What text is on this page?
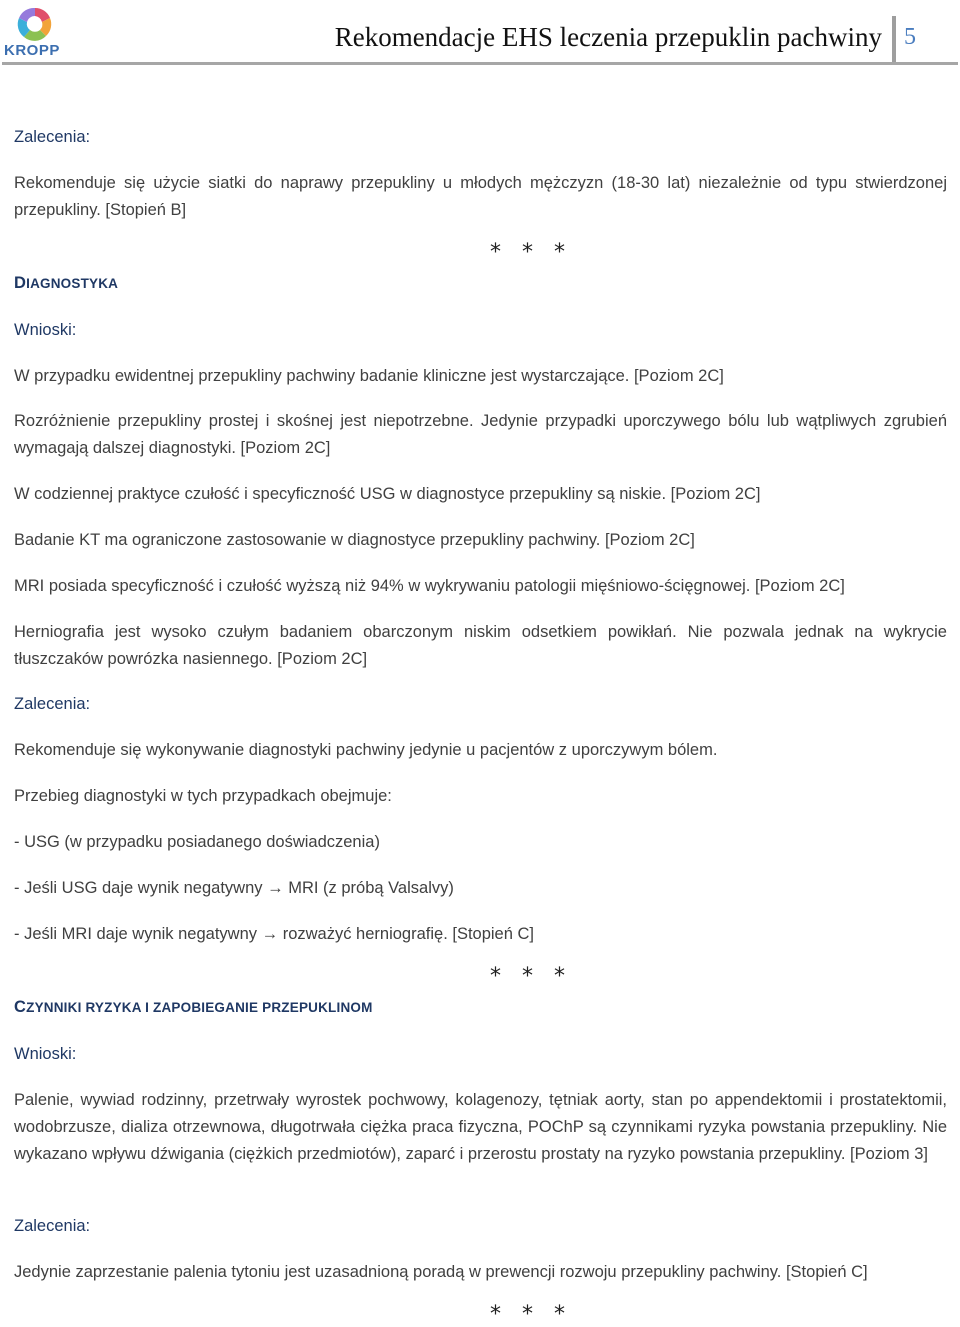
KROPP	Rekomendacje EHS leczenia przepuklin pachwiny 5
Zalecenia:
Rekomenduje się użycie siatki do naprawy przepukliny u młodych mężczyzn (18-30 lat) niezależnie od typu stwierdzonej przepukliny. [Stopień B]
* * *
DIAGNOSTYKA
Wnioski:
W przypadku ewidentnej przepukliny pachwiny badanie kliniczne jest wystarczające. [Poziom 2C]
Rozróżnienie przepukliny prostej i skośnej jest niepotrzebne. Jedynie przypadki uporczywego bólu lub wątpliwych zgrubień wymagają dalszej diagnostyki. [Poziom 2C]
W codziennej praktyce czułość i specyficzność USG w diagnostyce przepukliny są niskie. [Poziom 2C]
Badanie KT ma ograniczone zastosowanie w diagnostyce przepukliny pachwiny. [Poziom 2C]
MRI posiada specyficzność i czułość wyższą niż 94% w wykrywaniu patologii mięśniowo-ścięgnowej. [Poziom 2C]
Herniografia jest wysoko czułym badaniem obarczonym niskim odsetkiem powikłań. Nie pozwala jednak na wykrycie tłuszczaków powrózka nasiennego. [Poziom 2C]
Zalecenia:
Rekomenduje się wykonywanie diagnostyki pachwiny jedynie u pacjentów z uporczywym bólem.
Przebieg diagnostyki w tych przypadkach obejmuje:
- USG (w przypadku posiadanego doświadczenia)
- Jeśli USG daje wynik negatywny → MRI (z próbą Valsalvy)
- Jeśli MRI daje wynik negatywny → rozważyć herniografię. [Stopień C]
* * *
CZYNNIKI RYZYKA I ZAPOBIEGANIE PRZEPUKLINOM
Wnioski:
Palenie, wywiad rodzinny, przetrwały wyrostek pochwowy, kolagenozy, tętniak aorty, stan po appendektomii i prostatektomii, wodobrzusze, dializa otrzewnowa, długotrwała ciężka praca fizyczna, POChP są czynnikami ryzyka powstania przepukliny. Nie wykazano wpływu dźwigania (ciężkich przedmiotów), zaparć i przerostu prostaty na ryzyko powstania przepukliny. [Poziom 3]
Zalecenia:
Jedynie zaprzestanie palenia tytoniu jest uzasadnioną poradą w prewencji rozwoju przepukliny pachwiny. [Stopień C]
* * *
